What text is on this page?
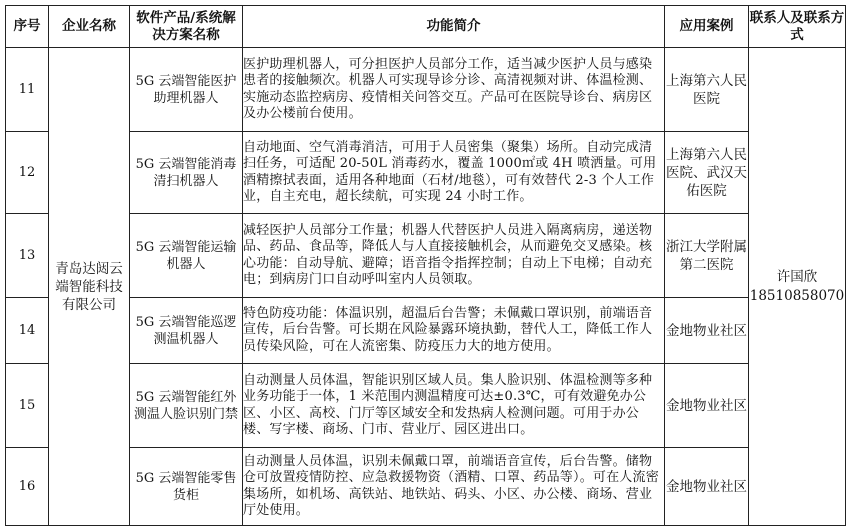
序号	企业名称	软件产品/系统解决方案名称	功能简介	应用案例	联系人及联系方式
11	青岛达闼云端智能科技有限公司	5G 云端智能医护助理机器人	医护助理机器人，可分担医护人员部分工作，适当减少医护人员与感染患者的接触频次。机器人可实现导诊分诊、高清视频对讲、体温检测、实施动态监控病房、疫情相关问答交互。产品可在医院导诊台、病房区及办公楼前台使用。	上海第六人民医院	许国欣
18510858070

12		5G 云端智能消毒清扫机器人	自动地面、空气消毒消洁，可用于人员密集（聚集）场所。自动完成清扫任务，可适配 20-50L 消毒药水，覆盖 1000㎡或 4H 喷洒量。可用酒精擦拭表面，适用各种地面（石材/地毯），可有效替代 2-3 个人工作业，自主充电，超长续航，可实现 24 小时工作。	上海第六人民医院、武汉天佑医院	
13		5G 云端智能运输机器人	减轻医护人员部分工作量；机器人代替医护人员进入隔离病房，递送物品、药品、食品等，降低人与人直接接触机会，从而避免交叉感染。核心功能：自动导航、避障；语音指令指挥控制；自动上下电梯；自动充电；到病房门口自动呼叫室内人员领取。	浙江大学附属第二医院	
14		5G 云端智能巡逻测温机器人	特色防疫功能：体温识别，超温后台告警；未佩戴口罩识别，前端语音宣传，后台告警。可长期在风险暴露环境执勤，替代人工，降低工作人员传染风险，可在人流密集、防疫压力大的地方使用。	金地物业社区	
15		5G 云端智能红外测温人脸识别门禁	自动测量人员体温，智能识别区域人员。集人脸识别、体温检测等多种业务功能于一体，1 米范围内测温精度可达±0.3℃，可有效避免办公区、小区、高校、门厅等区域安全和发热病人检测问题。可用于办公楼、写字楼、商场、门市、营业厅、园区进出口。	金地物业社区	
16		5G 云端智能零售货柜	自动测量人员体温，识别未佩戴口罩，前端语音宣传，后台告警。储物仓可放置疫情防控、应急救援物资（酒精、口罩、药品等）。可在人流密集场所，如机场、高铁站、地铁站、码头、小区、办公楼、商场、营业厅处使用。	金地物业社区	
